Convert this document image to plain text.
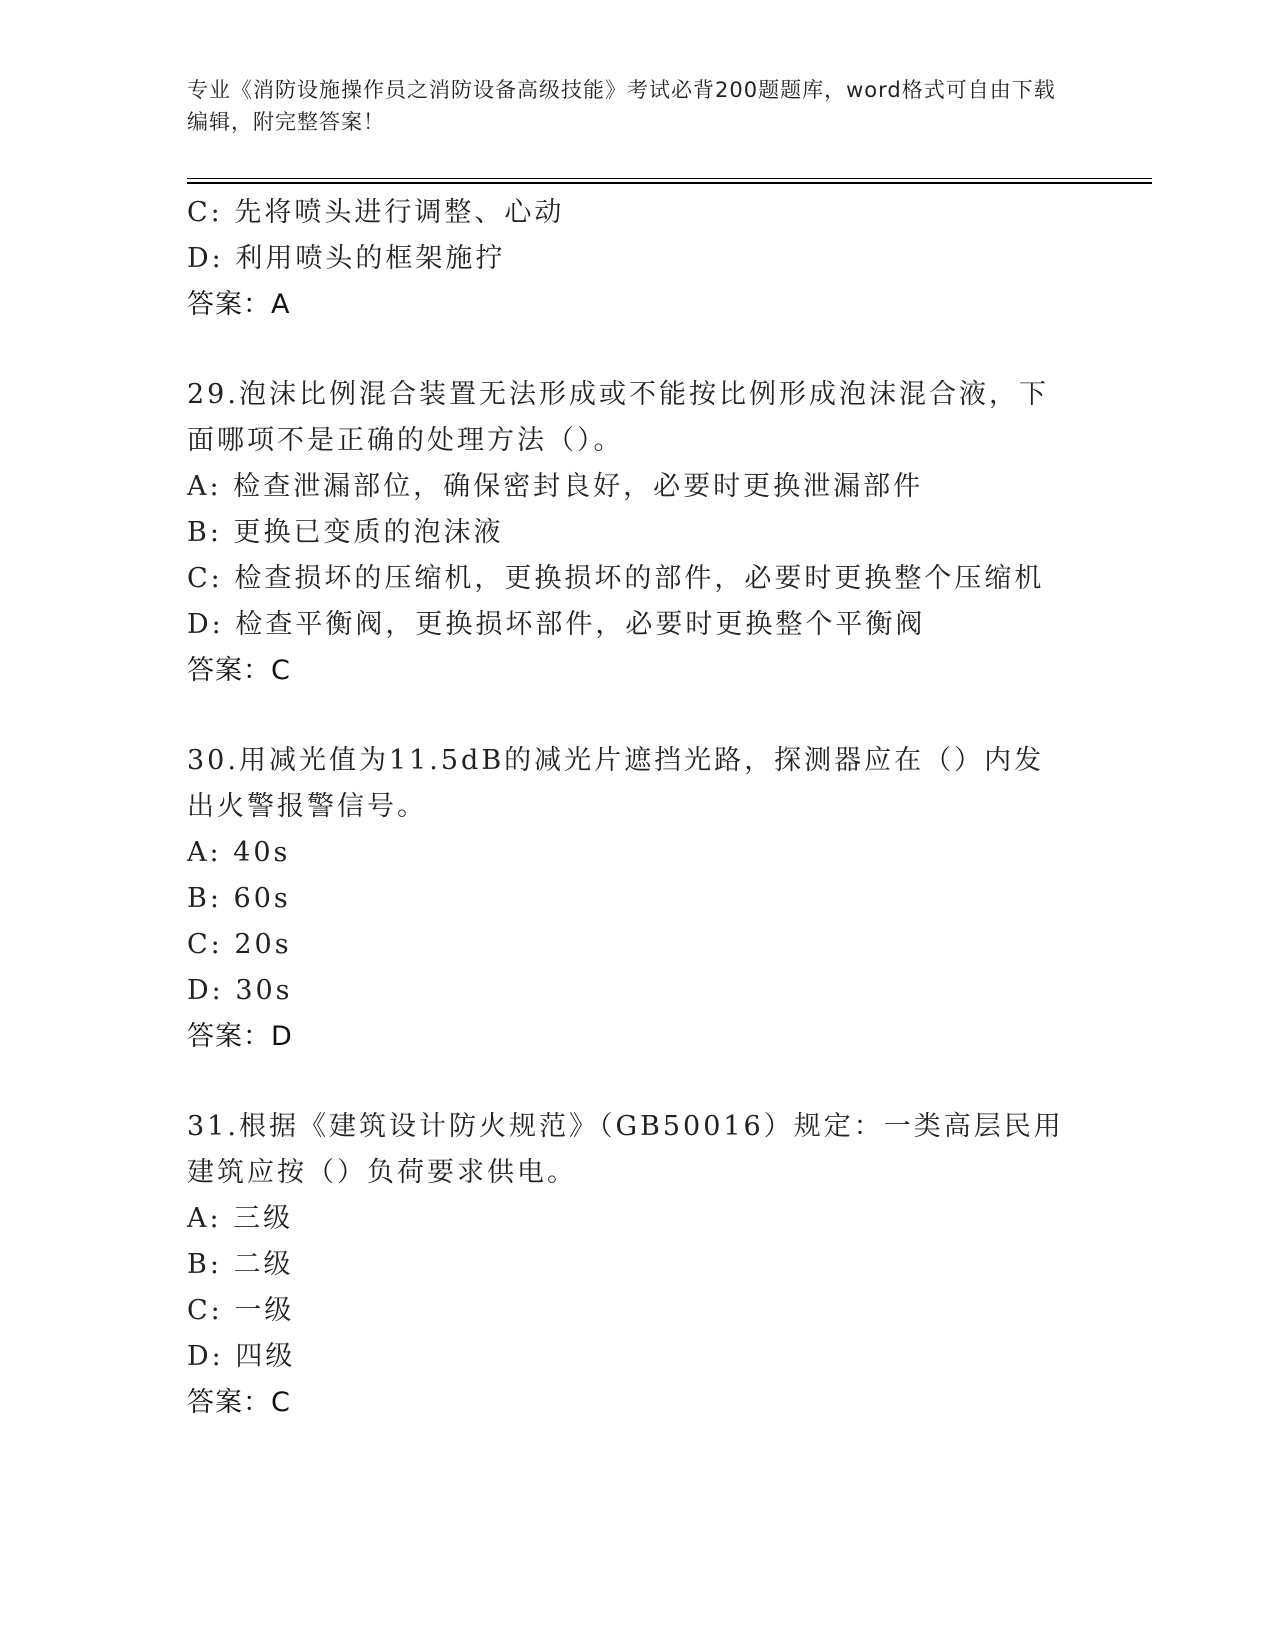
专业《消防设施操作员之消防设备高级技能》考试必背200题题库，word格式可自由下载编辑，附完整答案！
C: 先将喷头进行调整、心动
D: 利用喷头的框架施拧
答案：A
29.泡沫比例混合装置无法形成或不能按比例形成泡沫混合液，下面哪项不是正确的处理方法（）。
A: 检查泄漏部位，确保密封良好，必要时更换泄漏部件
B: 更换已变质的泡沫液
C: 检查损坏的压缩机，更换损坏的部件，必要时更换整个压缩机
D: 检查平衡阀，更换损坏部件，必要时更换整个平衡阀
答案：C
30.用减光值为11.5dB的减光片遮挡光路，探测器应在（）内发出火警报警信号。
A: 40s
B: 60s
C: 20s
D: 30s
答案：D
31.根据《建筑设计防火规范》（GB50016）规定：一类高层民用建筑应按（）负荷要求供电。
A: 三级
B: 二级
C: 一级
D: 四级
答案：C
